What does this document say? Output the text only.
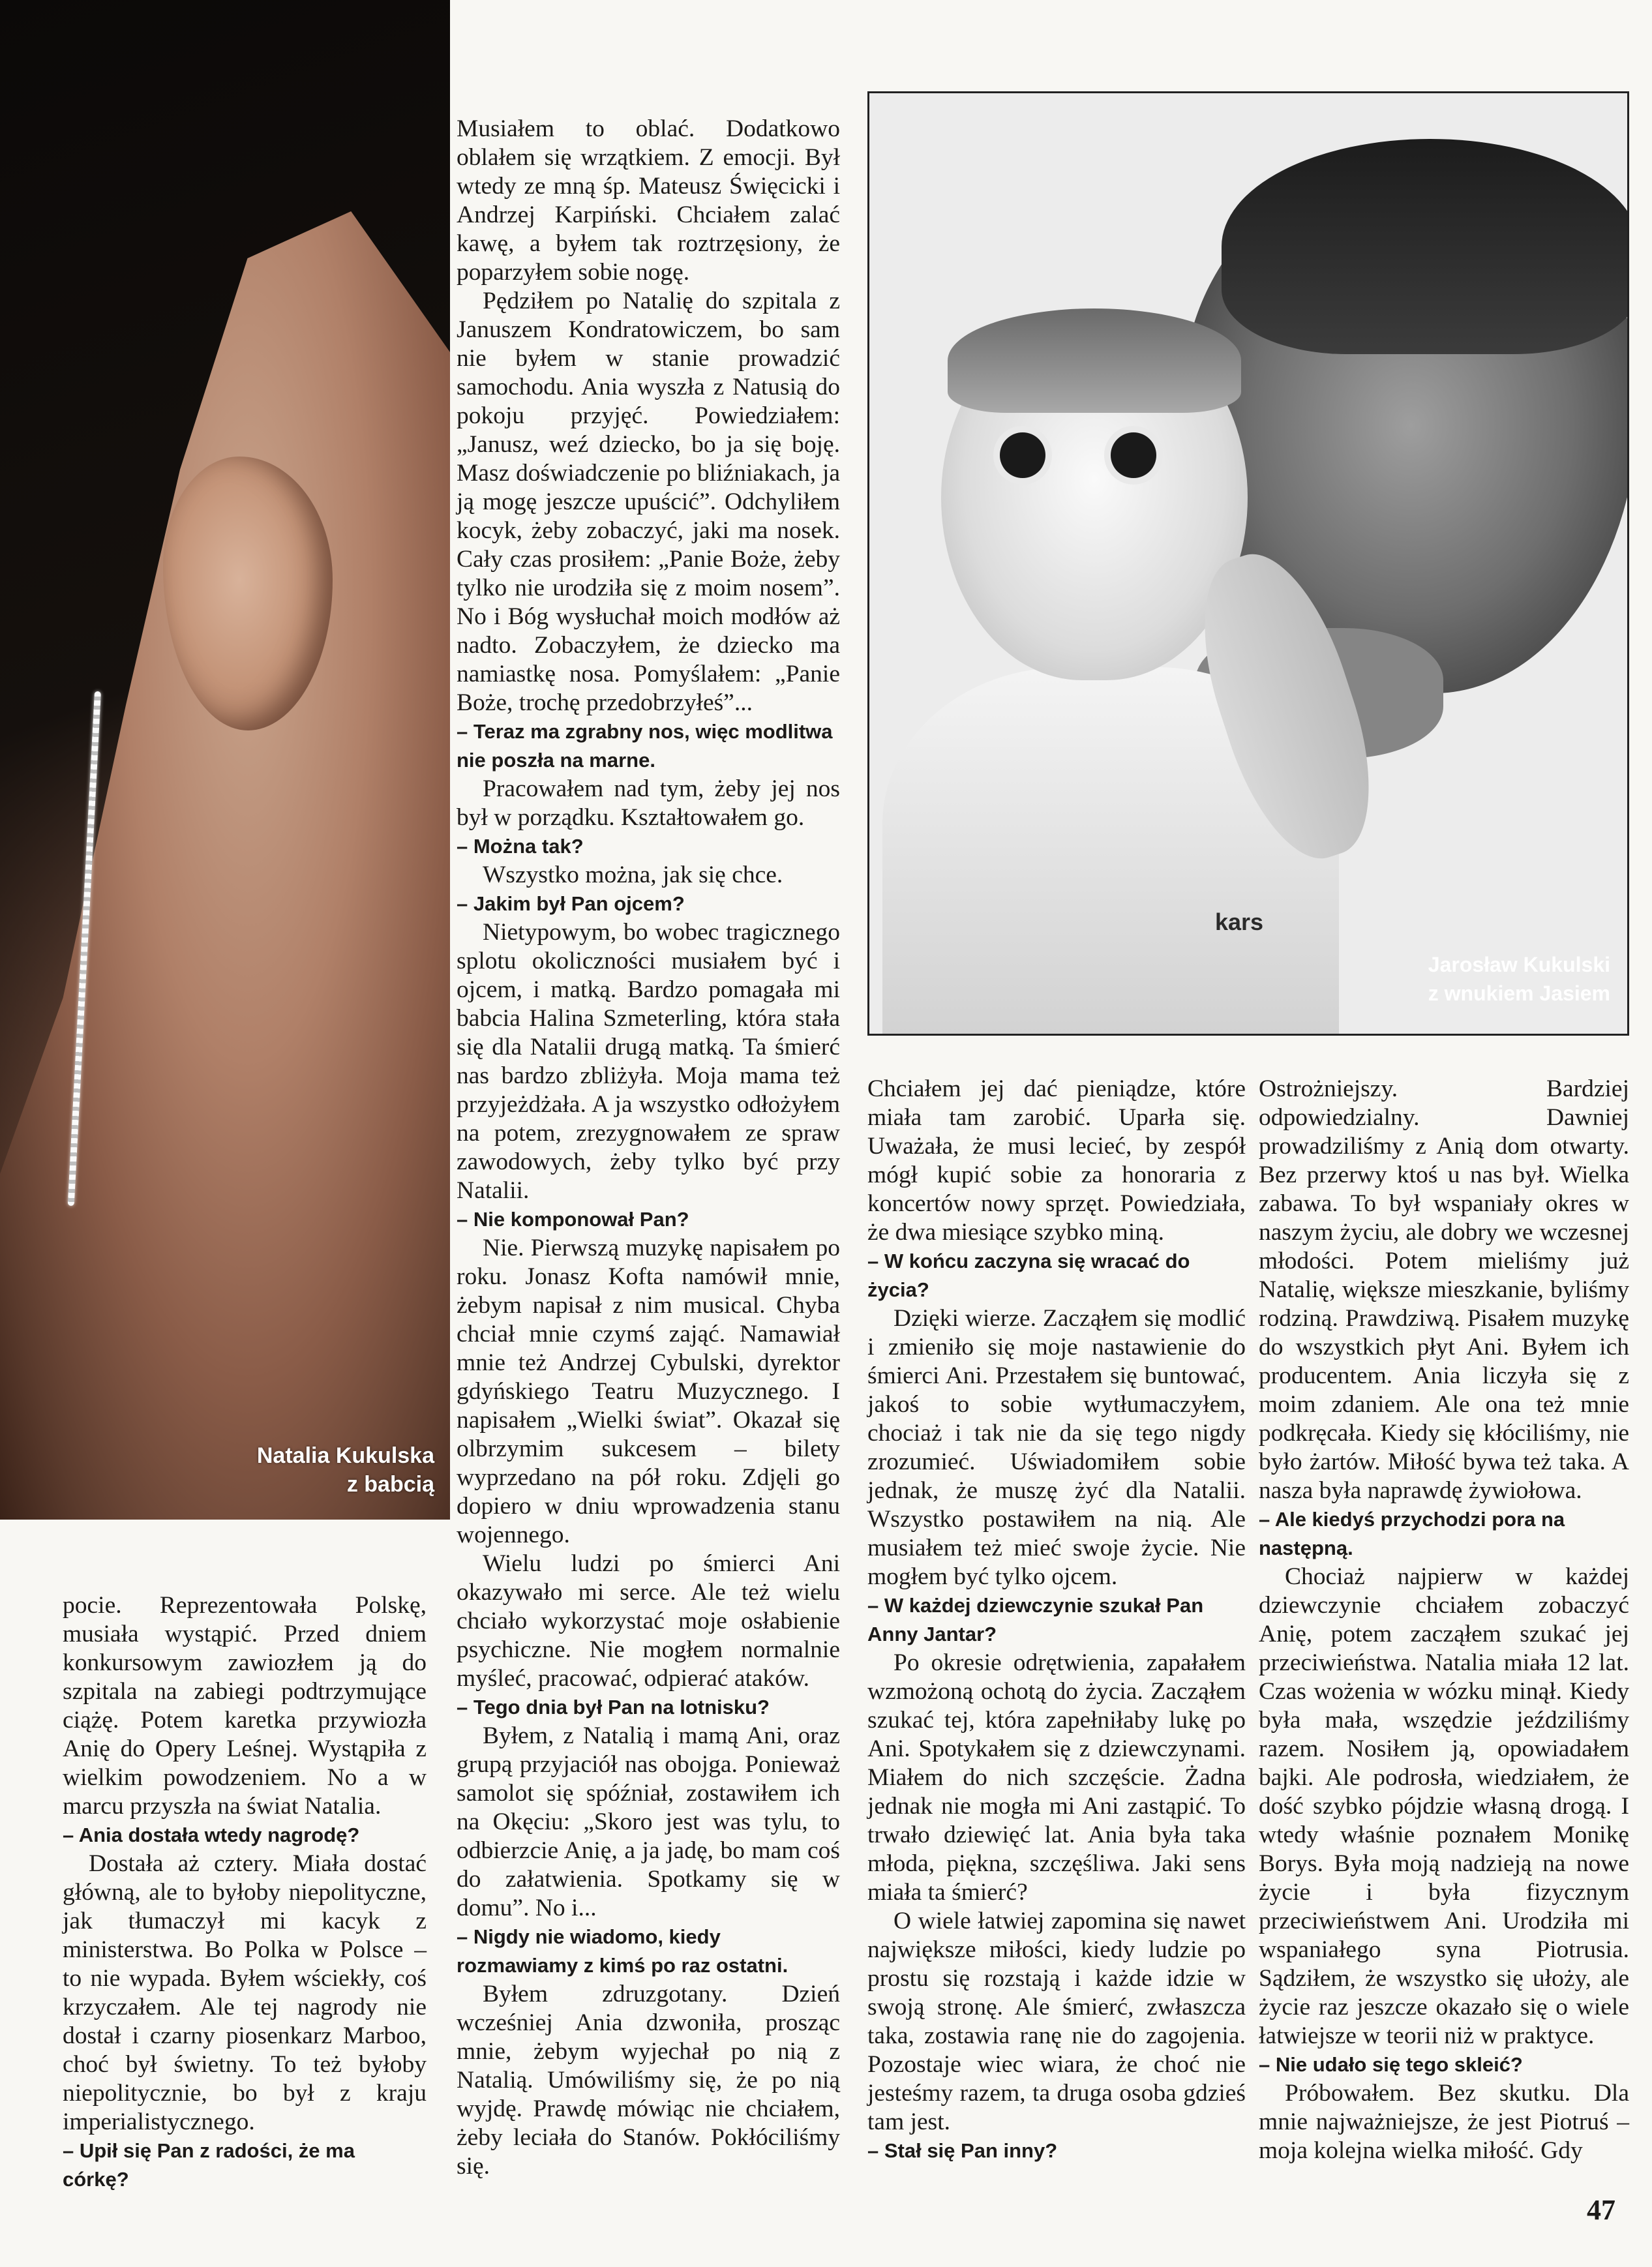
Natalia Kukulska
z babcią
kars
Jarosław Kukulski
z wnukiem Jasiem

pocie. Reprezentowała Polskę, musiała wystąpić. Przed dniem konkursowym zawiozłem ją do szpitala na zabiegi podtrzymujące ciążę. Potem karetka przywiozła Anię do Opery Leśnej. Wystąpiła z wielkim powodzeniem. No a w marcu przyszła na świat Natalia.

– Ania dostała wtedy nagrodę?

Dostała aż cztery. Miała dostać główną, ale to byłoby niepolityczne, jak tłumaczył mi kacyk z ministerstwa. Bo Polka w Polsce – to nie wypada. Byłem wściekły, coś krzyczałem. Ale tej nagrody nie dostał i czarny piosenkarz Marboo, choć był świetny. To też byłoby niepolitycznie, bo był z kraju imperialistycznego.

– Upił się Pan z radości, że ma córkę?

Musiałem to oblać. Dodatkowo oblałem się wrzątkiem. Z emocji. Był wtedy ze mną śp. Mateusz Święcicki i Andrzej Karpiński. Chciałem zalać kawę, a byłem tak roztrzęsiony, że poparzyłem sobie nogę.

Pędziłem po Natalię do szpitala z Januszem Kondratowiczem, bo sam nie byłem w stanie prowadzić samochodu. Ania wyszła z Natusią do pokoju przyjęć. Powiedziałem: „Janusz, weź dziecko, bo ja się boję. Masz doświadczenie po bliźniakach, ja ją mogę jeszcze upuścić”. Odchyliłem kocyk, żeby zobaczyć, jaki ma nosek. Cały czas prosiłem: „Panie Boże, żeby tylko nie urodziła się z moim nosem”. No i Bóg wysłuchał moich modłów aż nadto. Zobaczyłem, że dziecko ma namiastkę nosa. Pomyślałem: „Panie Boże, trochę przedobrzyłeś”...

– Teraz ma zgrabny nos, więc modlitwa nie poszła na marne.

Pracowałem nad tym, żeby jej nos był w porządku. Kształtowałem go.

– Można tak?

Wszystko można, jak się chce.

– Jakim był Pan ojcem?

Nietypowym, bo wobec tragicznego splotu okoliczności musiałem być i ojcem, i matką. Bardzo pomagała mi babcia Halina Szmeterling, która stała się dla Natalii drugą matką. Ta śmierć nas bardzo zbliżyła. Moja mama też przyjeżdżała. A ja wszystko odłożyłem na potem, zrezygnowałem ze spraw zawodowych, żeby tylko być przy Natalii.

– Nie komponował Pan?

Nie. Pierwszą muzykę napisałem po roku. Jonasz Kofta namówił mnie, żebym napisał z nim musical. Chyba chciał mnie czymś zająć. Namawiał mnie też Andrzej Cybulski, dyrektor gdyńskiego Teatru Muzycznego. I napisałem „Wielki świat”. Okazał się olbrzymim sukcesem – bilety wyprzedano na pół roku. Zdjęli go dopiero w dniu wprowadzenia stanu wojennego.

Wielu ludzi po śmierci Ani okazywało mi serce. Ale też wielu chciało wykorzystać moje osłabienie psychiczne. Nie mogłem normalnie myśleć, pracować, odpierać ataków.

– Tego dnia był Pan na lotnisku?

Byłem, z Natalią i mamą Ani, oraz grupą przyjaciół nas obojga. Ponieważ samolot się spóźniał, zostawiłem ich na Okęciu: „Skoro jest was tylu, to odbierzcie Anię, a ja jadę, bo mam coś do załatwienia. Spotkamy się w domu”. No i...

– Nigdy nie wiadomo, kiedy rozmawiamy z kimś po raz ostatni.

Byłem zdruzgotany. Dzień wcześniej Ania dzwoniła, prosząc mnie, żebym wyjechał po nią z Natalią. Umówiliśmy się, że po nią wyjdę. Prawdę mówiąc nie chciałem, żeby leciała do Stanów. Pokłóciliśmy się.

Chciałem jej dać pieniądze, które miała tam zarobić. Uparła się. Uważała, że musi lecieć, by zespół mógł kupić sobie za honoraria z koncertów nowy sprzęt. Powiedziała, że dwa miesiące szybko miną.

– W końcu zaczyna się wracać do życia?

Dzięki wierze. Zacząłem się modlić i zmieniło się moje nastawienie do śmierci Ani. Przestałem się buntować, jakoś to sobie wytłumaczyłem, chociaż i tak nie da się tego nigdy zrozumieć. Uświadomiłem sobie jednak, że muszę żyć dla Natalii. Wszystko postawiłem na nią. Ale musiałem też mieć swoje życie. Nie mogłem być tylko ojcem.

– W każdej dziewczynie szukał Pan Anny Jantar?

Po okresie odrętwienia, zapałałem wzmożoną ochotą do życia. Zacząłem szukać tej, która zapełniłaby lukę po Ani. Spotykałem się z dziewczynami. Miałem do nich szczęście. Żadna jednak nie mogła mi Ani zastąpić. To trwało dziewięć lat. Ania była taka młoda, piękna, szczęśliwa. Jaki sens miała ta śmierć?

O wiele łatwiej zapomina się nawet największe miłości, kiedy ludzie po prostu się rozstają i każde idzie w swoją stronę. Ale śmierć, zwłaszcza taka, zostawia ranę nie do zagojenia. Pozostaje wiec wiara, że choć nie jesteśmy razem, ta druga osoba gdzieś tam jest.

– Stał się Pan inny?

Ostrożniejszy. Bardziej odpowiedzialny. Dawniej prowadziliśmy z Anią dom otwarty. Bez przerwy ktoś u nas był. Wielka zabawa. To był wspaniały okres w naszym życiu, ale dobry we wczesnej młodości. Potem mieliśmy już Natalię, większe mieszkanie, byliśmy rodziną. Prawdziwą. Pisałem muzykę do wszystkich płyt Ani. Byłem ich producentem. Ania liczyła się z moim zdaniem. Ale ona też mnie podkręcała. Kiedy się kłóciliśmy, nie było żartów. Miłość bywa też taka. A nasza była naprawdę żywiołowa.

– Ale kiedyś przychodzi pora na następną.

Chociaż najpierw w każdej dziewczynie chciałem zobaczyć Anię, potem zacząłem szukać jej przeciwieństwa. Natalia miała 12 lat. Czas wożenia w wózku minął. Kiedy była mała, wszędzie jeździliśmy razem. Nosiłem ją, opowiadałem bajki. Ale podrosła, wiedziałem, że dość szybko pójdzie własną drogą. I wtedy właśnie poznałem Monikę Borys. Była moją nadzieją na nowe życie i była fizycznym przeciwieństwem Ani. Urodziła mi wspaniałego syna Piotrusia. Sądziłem, że wszystko się ułoży, ale życie raz jeszcze okazało się o wiele łatwiejsze w teorii niż w praktyce.

– Nie udało się tego skleić?

Próbowałem. Bez skutku. Dla mnie najważniejsze, że jest Piotruś – moja kolejna wielka miłość. Gdy

47
